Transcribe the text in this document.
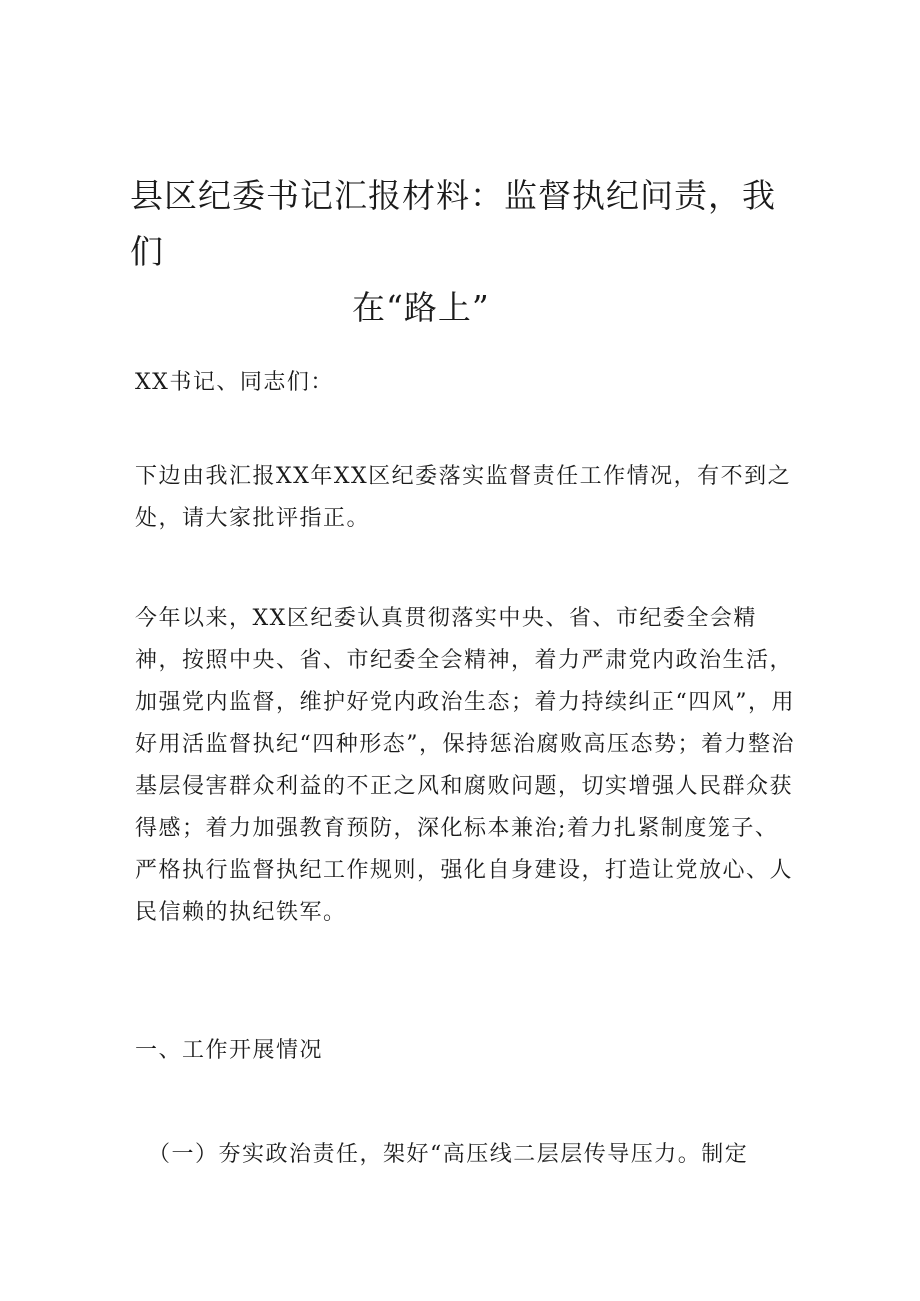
县区纪委书记汇报材料：监督执纪问责，我们
在“路上”

XX书记、同志们：

下边由我汇报XX年XX区纪委落实监督责任工作情况，有不到之处，请大家批评指正。

今年以来，XX区纪委认真贯彻落实中央、省、市纪委全会精神，按照中央、省、市纪委全会精神，着力严肃党内政治生活，加强党内监督，维护好党内政治生态；着力持续纠正“四风”，用好用活监督执纪“四种形态”，保持惩治腐败高压态势；着力整治基层侵害群众利益的不正之风和腐败问题，切实增强人民群众获得感；着力加强教育预防，深化标本兼治;着力扎紧制度笼子、严格执行监督执纪工作规则，强化自身建设，打造让党放心、人民信赖的执纪铁军。

一、工作开展情况

（一）夯实政治责任，架好“高压线二层层传导压力。制定
